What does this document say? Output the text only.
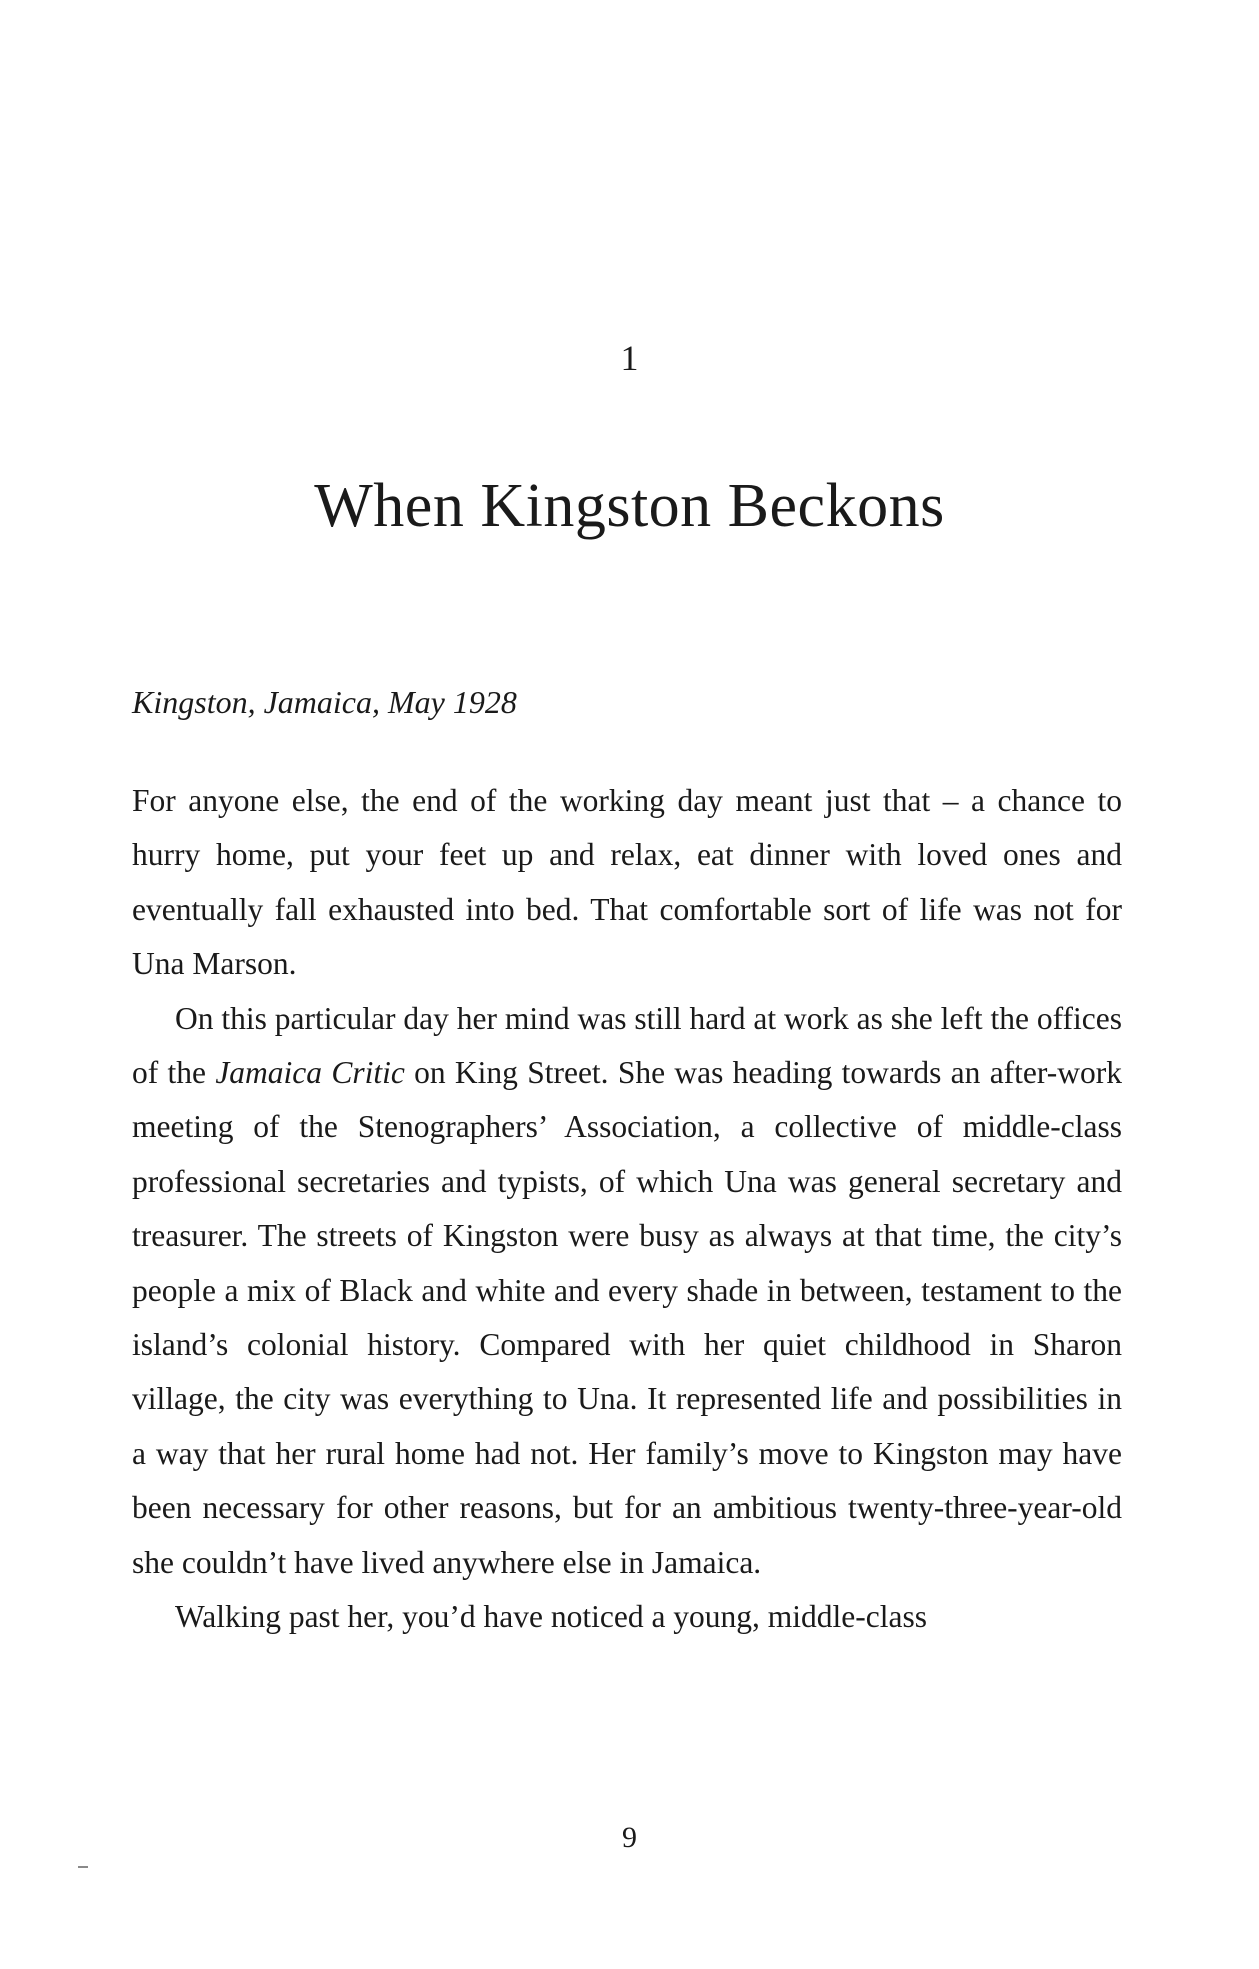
1
When Kingston Beckons
Kingston, Jamaica, May 1928

For anyone else, the end of the working day meant just that – a chance to hurry home, put your feet up and relax, eat dinner with loved ones and eventually fall exhausted into bed. That comfortable sort of life was not for Una Marson.

On this particular day her mind was still hard at work as she left the offices of the Jamaica Critic on King Street. She was heading towards an after-work meeting of the Stenographers’ Association, a collective of middle-class professional secretaries and typists, of which Una was general secretary and treasurer. The streets of Kingston were busy as always at that time, the city’s people a mix of Black and white and every shade in between, testament to the island’s colonial history. Compared with her quiet childhood in Sharon village, the city was everything to Una. It represented life and possibilities in a way that her rural home had not. Her family’s move to Kingston may have been necessary for other reasons, but for an ambitious twenty-three-year-old she couldn’t have lived anywhere else in Jamaica.

Walking past her, you’d have noticed a young, middle-class

9
